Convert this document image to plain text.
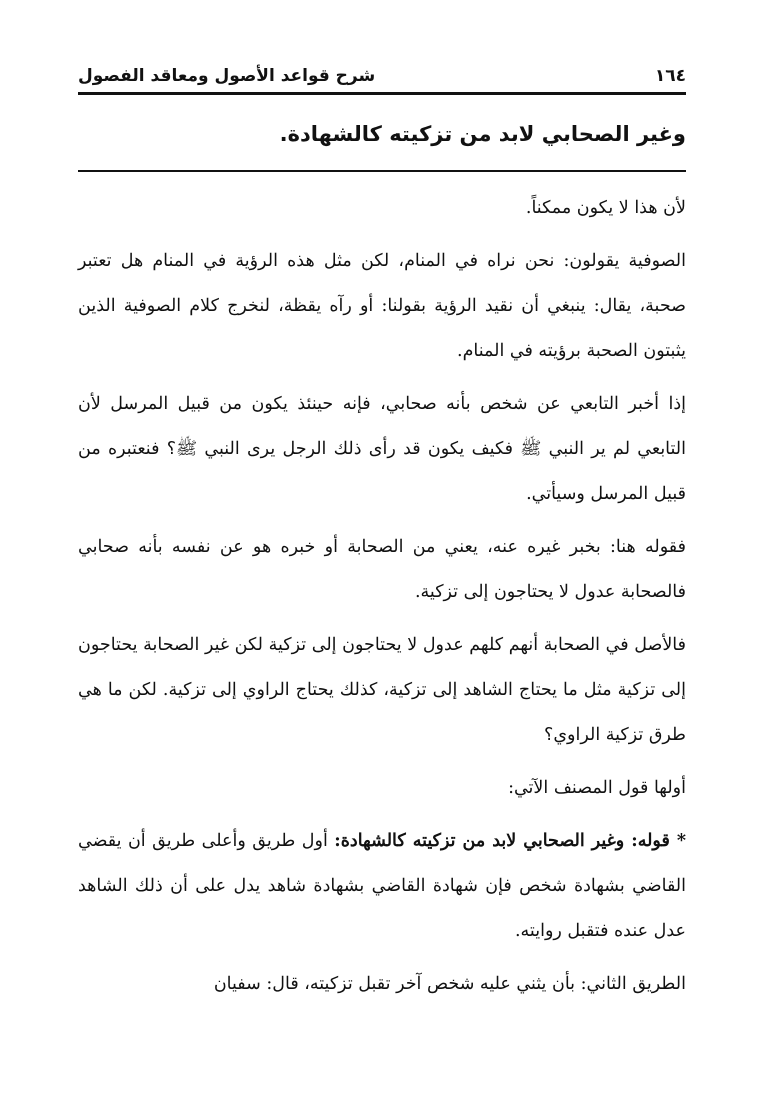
١٦٤
شرح قواعد الأصول ومعاقد الفصول
وغير الصحابي لابد من تزكيته كالشهادة.

لأن هذا لا يكون ممكناً.

الصوفية يقولون: نحن نراه في المنام، لكن مثل هذه الرؤية في المنام هل تعتبر صحبة، يقال: ينبغي أن نقيد الرؤية بقولنا: أو رآه يقظة، لنخرج كلام الصوفية الذين يثبتون الصحبة برؤيته في المنام.

إذا أخبر التابعي عن شخص بأنه صحابي، فإنه حينئذ يكون من قبيل المرسل لأن التابعي لم ير النبي ﷺ فكيف يكون قد رأى ذلك الرجل يرى النبي ﷺ؟ فنعتبره من قبيل المرسل وسيأتي.

فقوله هنا: بخبر غيره عنه، يعني من الصحابة أو خبره هو عن نفسه بأنه صحابي فالصحابة عدول لا يحتاجون إلى تزكية.

فالأصل في الصحابة أنهم كلهم عدول لا يحتاجون إلى تزكية لكن غير الصحابة يحتاجون إلى تزكية مثل ما يحتاج الشاهد إلى تزكية، كذلك يحتاج الراوي إلى تزكية. لكن ما هي طرق تزكية الراوي؟

أولها قول المصنف الآتي:

* قوله: وغير الصحابي لابد من تزكيته كالشهادة: أول طريق وأعلى طريق أن يقضي القاضي بشهادة شخص فإن شهادة القاضي بشهادة شاهد يدل على أن ذلك الشاهد عدل عنده فتقبل روايته.

الطريق الثاني: بأن يثني عليه شخص آخر تقبل تزكيته، قال: سفيان
